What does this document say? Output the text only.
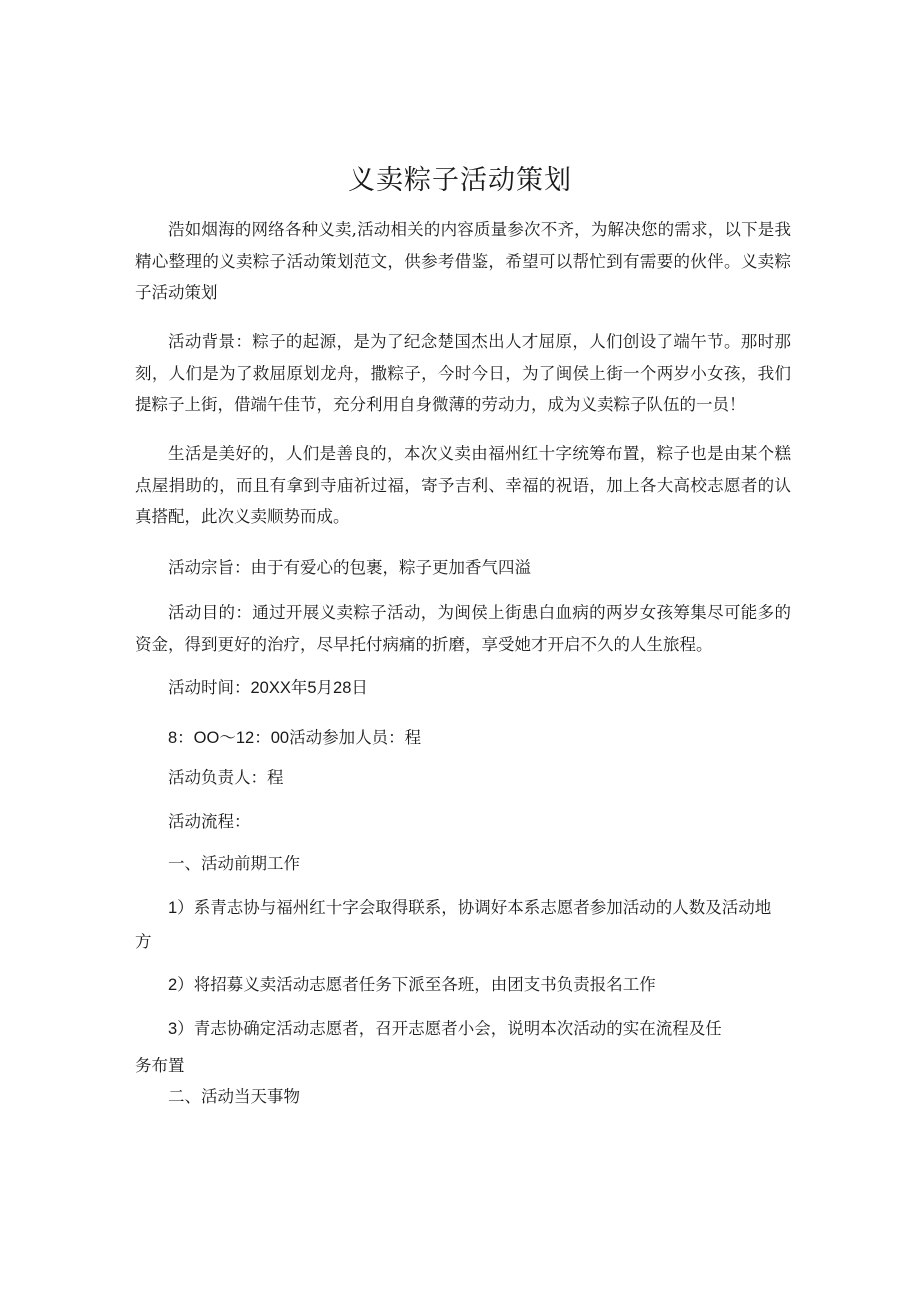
义卖粽子活动策划

浩如烟海的网络各种义卖,活动相关的内容质量参次不齐，为解决您的需求，以下是我精心整理的义卖粽子活动策划范文，供参考借鉴，希望可以帮忙到有需要的伙伴。义卖粽子活动策划

活动背景：粽子的起源，是为了纪念楚国杰出人才屈原，人们创设了端午节。那时那刻，人们是为了救屈原划龙舟，撒粽子，今时今日，为了闽侯上街一个两岁小女孩，我们提粽子上街，借端午佳节，充分利用自身微薄的劳动力，成为义卖粽子队伍的一员！

生活是美好的，人们是善良的，本次义卖由福州红十字统筹布置，粽子也是由某个糕点屋捐助的，而且有拿到寺庙祈过福，寄予吉利、幸福的祝语，加上各大高校志愿者的认真搭配，此次义卖顺势而成。

活动宗旨：由于有爱心的包裹，粽子更加香气四溢

活动目的：通过开展义卖粽子活动，为闽侯上街患白血病的两岁女孩筹集尽可能多的资金，得到更好的治疗，尽早托付病痛的折磨，享受她才开启不久的人生旅程。

活动时间：20XX年5月28日

8：OO～12：00活动参加人员：程

活动负责人：程

活动流程：

一、活动前期工作

1）系青志协与福州红十字会取得联系，协调好本系志愿者参加活动的人数及活动地

方

2）将招募义卖活动志愿者任务下派至各班，由团支书负责报名工作

3）青志协确定活动志愿者，召开志愿者小会，说明本次活动的实在流程及任

务布置

二、活动当天事物
